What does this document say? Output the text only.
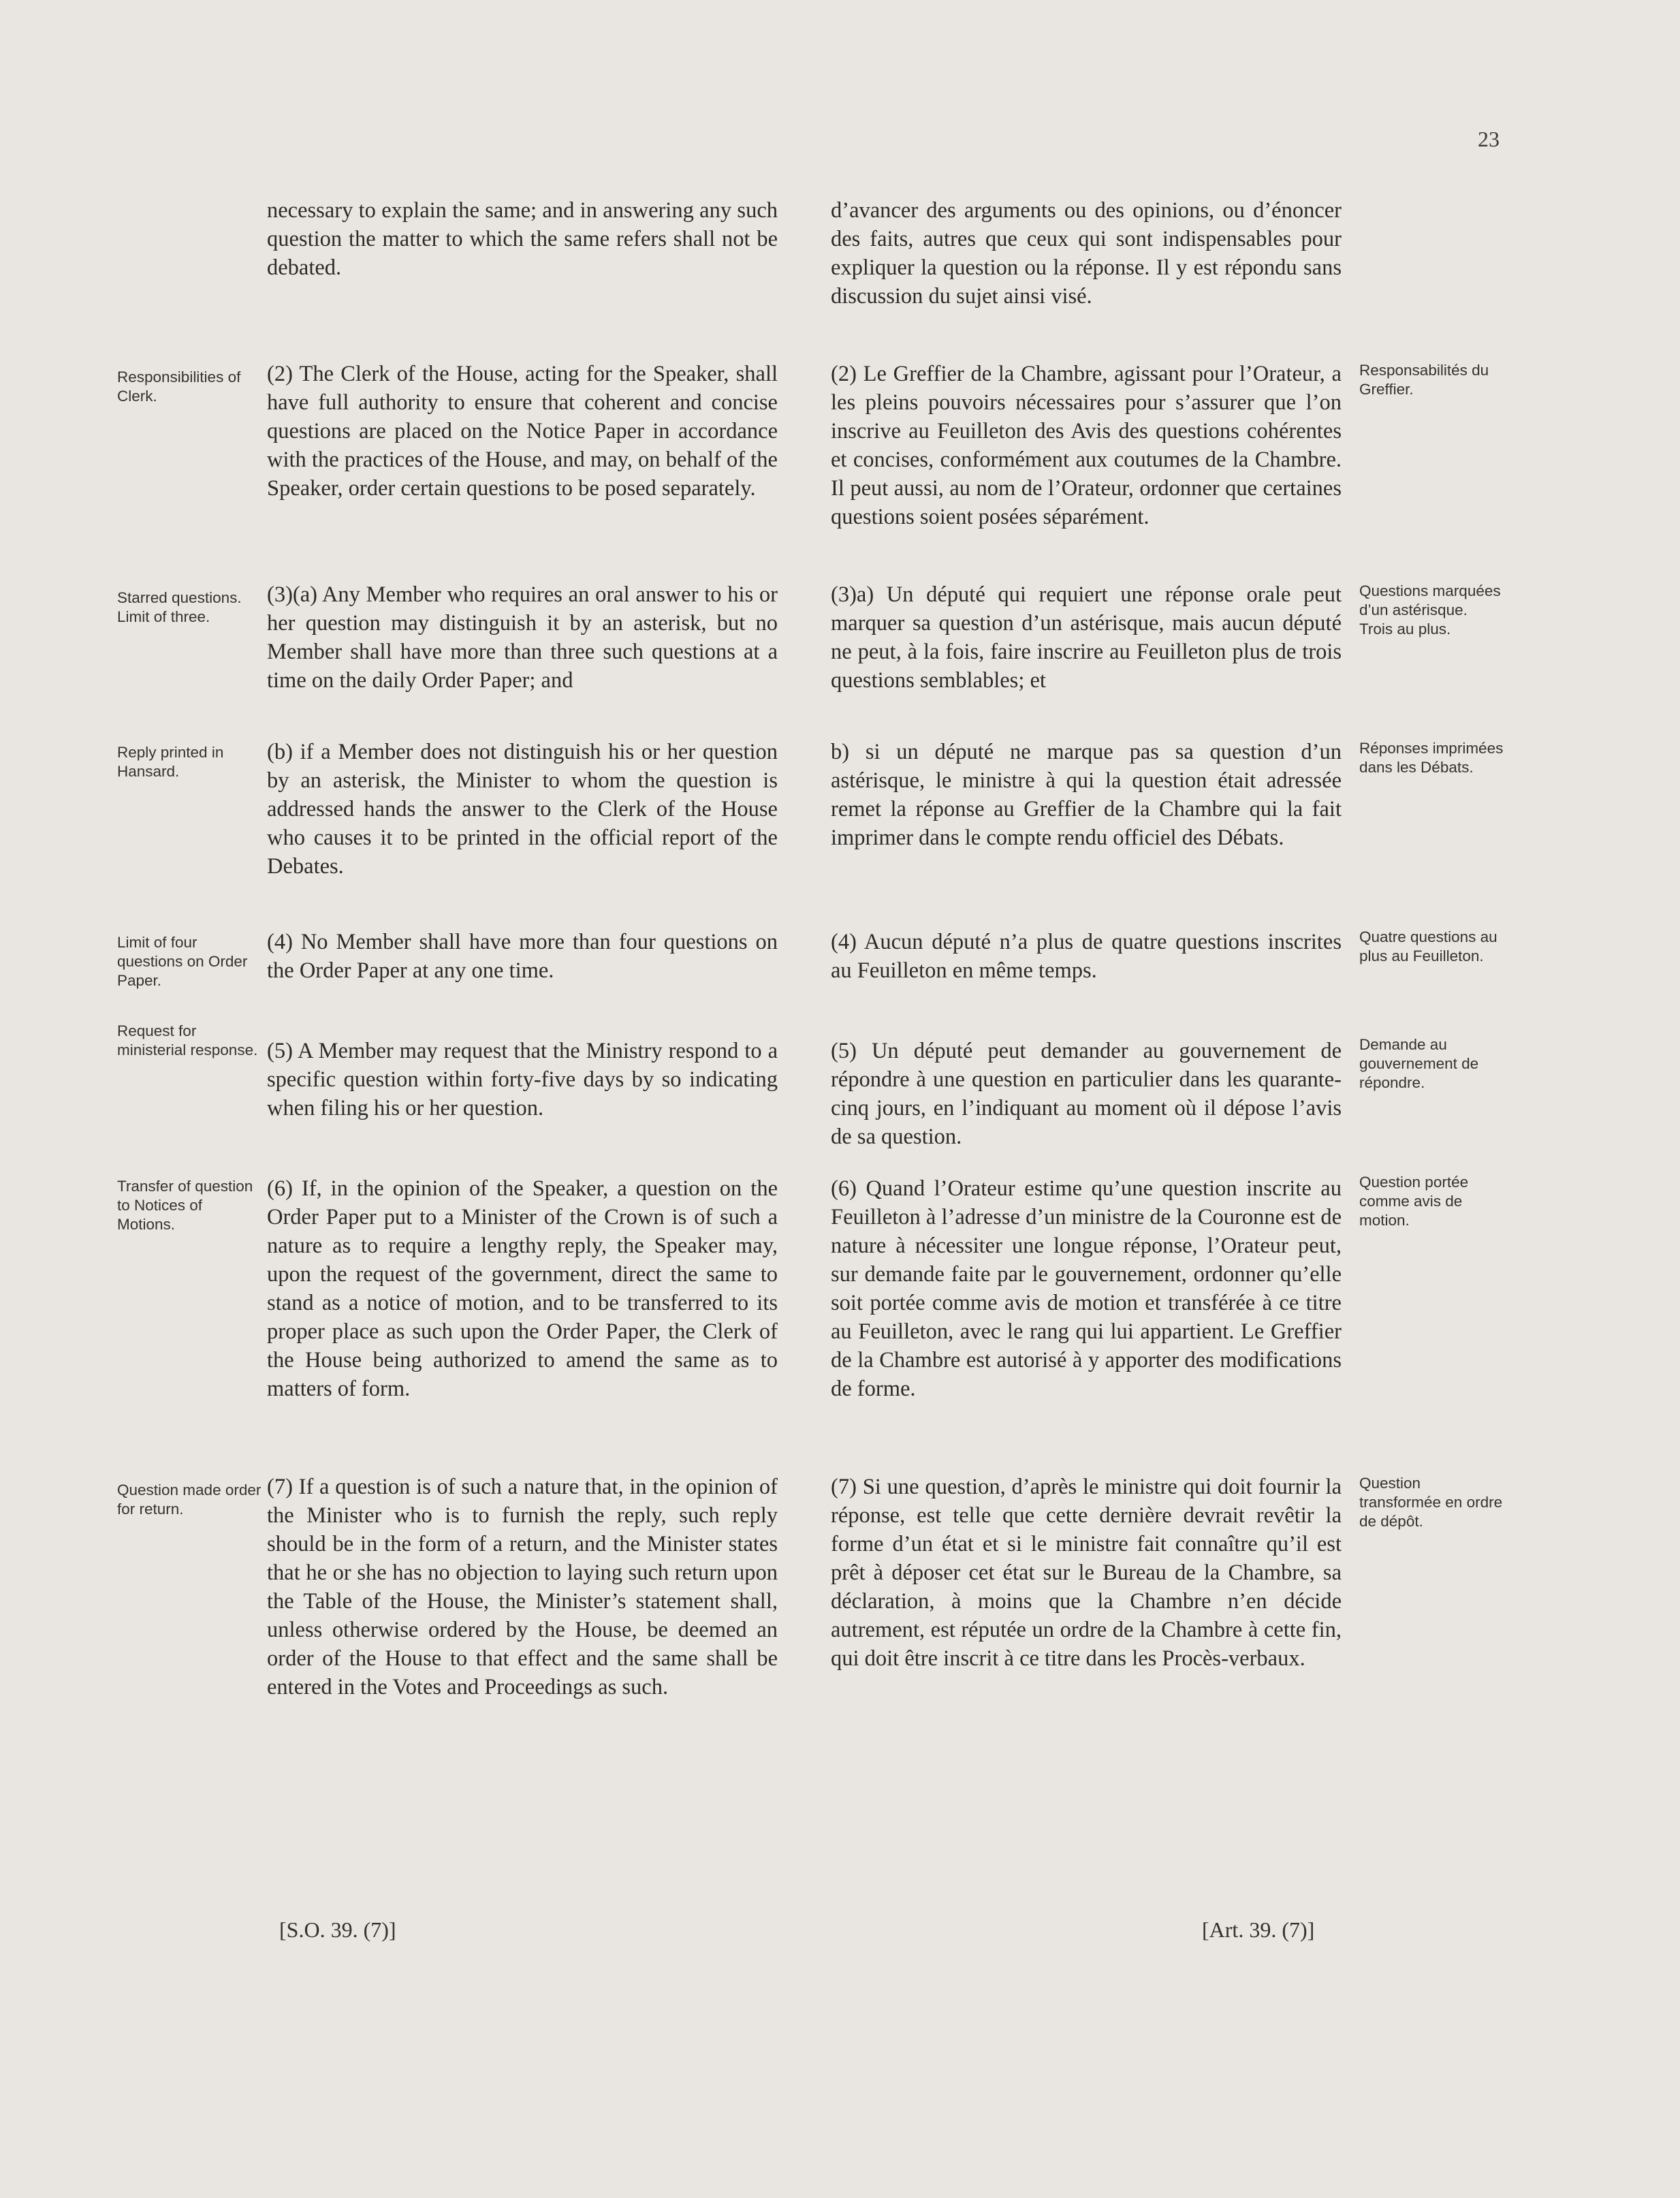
23

necessary to explain the same; and in answering any such question the matter to which the same refers shall not be debated.

d’avancer des arguments ou des opinions, ou d’énoncer des faits, autres que ceux qui sont indispensables pour expliquer la question ou la réponse. Il y est répondu sans discussion du sujet ainsi visé.

Responsibilities of Clerk.

(2) The Clerk of the House, acting for the Speaker, shall have full authority to ensure that coherent and concise questions are placed on the Notice Paper in accordance with the practices of the House, and may, on behalf of the Speaker, order certain questions to be posed separately.

(2) Le Greffier de la Chambre, agissant pour l’Orateur, a les pleins pouvoirs nécessaires pour s’assurer que l’on inscrive au Feuilleton des Avis des questions cohérentes et concises, conformément aux coutumes de la Chambre. Il peut aussi, au nom de l’Orateur, ordonner que certaines questions soient posées séparément.

Responsabilités du Greffier.

Starred questions. Limit of three.

(3)(a) Any Member who requires an oral answer to his or her question may distinguish it by an asterisk, but no Member shall have more than three such questions at a time on the daily Order Paper; and

(3)a) Un député qui requiert une réponse orale peut marquer sa question d’un astérisque, mais aucun député ne peut, à la fois, faire inscrire au Feuilleton plus de trois questions semblables; et

Questions marquées d’un astérisque. Trois au plus.

Reply printed in Hansard.

(b) if a Member does not distinguish his or her question by an asterisk, the Minister to whom the question is addressed hands the answer to the Clerk of the House who causes it to be printed in the official report of the Debates.

b) si un député ne marque pas sa question d’un astérisque, le ministre à qui la question était adressée remet la réponse au Greffier de la Chambre qui la fait imprimer dans le compte rendu officiel des Débats.

Réponses imprimées dans les Débats.

Limit of four questions on Order Paper.

(4) No Member shall have more than four questions on the Order Paper at any one time.

(4) Aucun député n’a plus de quatre questions inscrites au Feuilleton en même temps.

Quatre questions au plus au Feuilleton.

Request for ministerial response. (5) A Member may request that the Ministry respond to a specific question within forty-five days by so indicating when filing his or her question.

(5) Un député peut demander au gouvernement de répondre à une question en particulier dans les quarante-cinq jours, en l’indiquant au moment où il dépose l’avis de sa question.

Demande au gouvernement de répondre.

Transfer of question to Notices of Motions.

(6) If, in the opinion of the Speaker, a question on the Order Paper put to a Minister of the Crown is of such a nature as to require a lengthy reply, the Speaker may, upon the request of the government, direct the same to stand as a notice of motion, and to be transferred to its proper place as such upon the Order Paper, the Clerk of the House being authorized to amend the same as to matters of form.

(6) Quand l’Orateur estime qu’une question inscrite au Feuilleton à l’adresse d’un ministre de la Couronne est de nature à nécessiter une longue réponse, l’Orateur peut, sur demande faite par le gouvernement, ordonner qu’elle soit portée comme avis de motion et transférée à ce titre au Feuilleton, avec le rang qui lui appartient. Le Greffier de la Chambre est autorisé à y apporter des modifications de forme.

Question portée comme avis de motion.

Question made order for return.

(7) If a question is of such a nature that, in the opinion of the Minister who is to furnish the reply, such reply should be in the form of a return, and the Minister states that he or she has no objection to laying such return upon the Table of the House, the Minister’s statement shall, unless otherwise ordered by the House, be deemed an order of the House to that effect and the same shall be entered in the Votes and Proceedings as such.

(7) Si une question, d’après le ministre qui doit fournir la réponse, est telle que cette dernière devrait revêtir la forme d’un état et si le ministre fait connaître qu’il est prêt à déposer cet état sur le Bureau de la Chambre, sa déclaration, à moins que la Chambre n’en décide autrement, est réputée un ordre de la Chambre à cette fin, qui doit être inscrit à ce titre dans les Procès-verbaux.

Question transformée en ordre de dépôt.

[S.O. 39. (7)]	[Art. 39. (7)]
